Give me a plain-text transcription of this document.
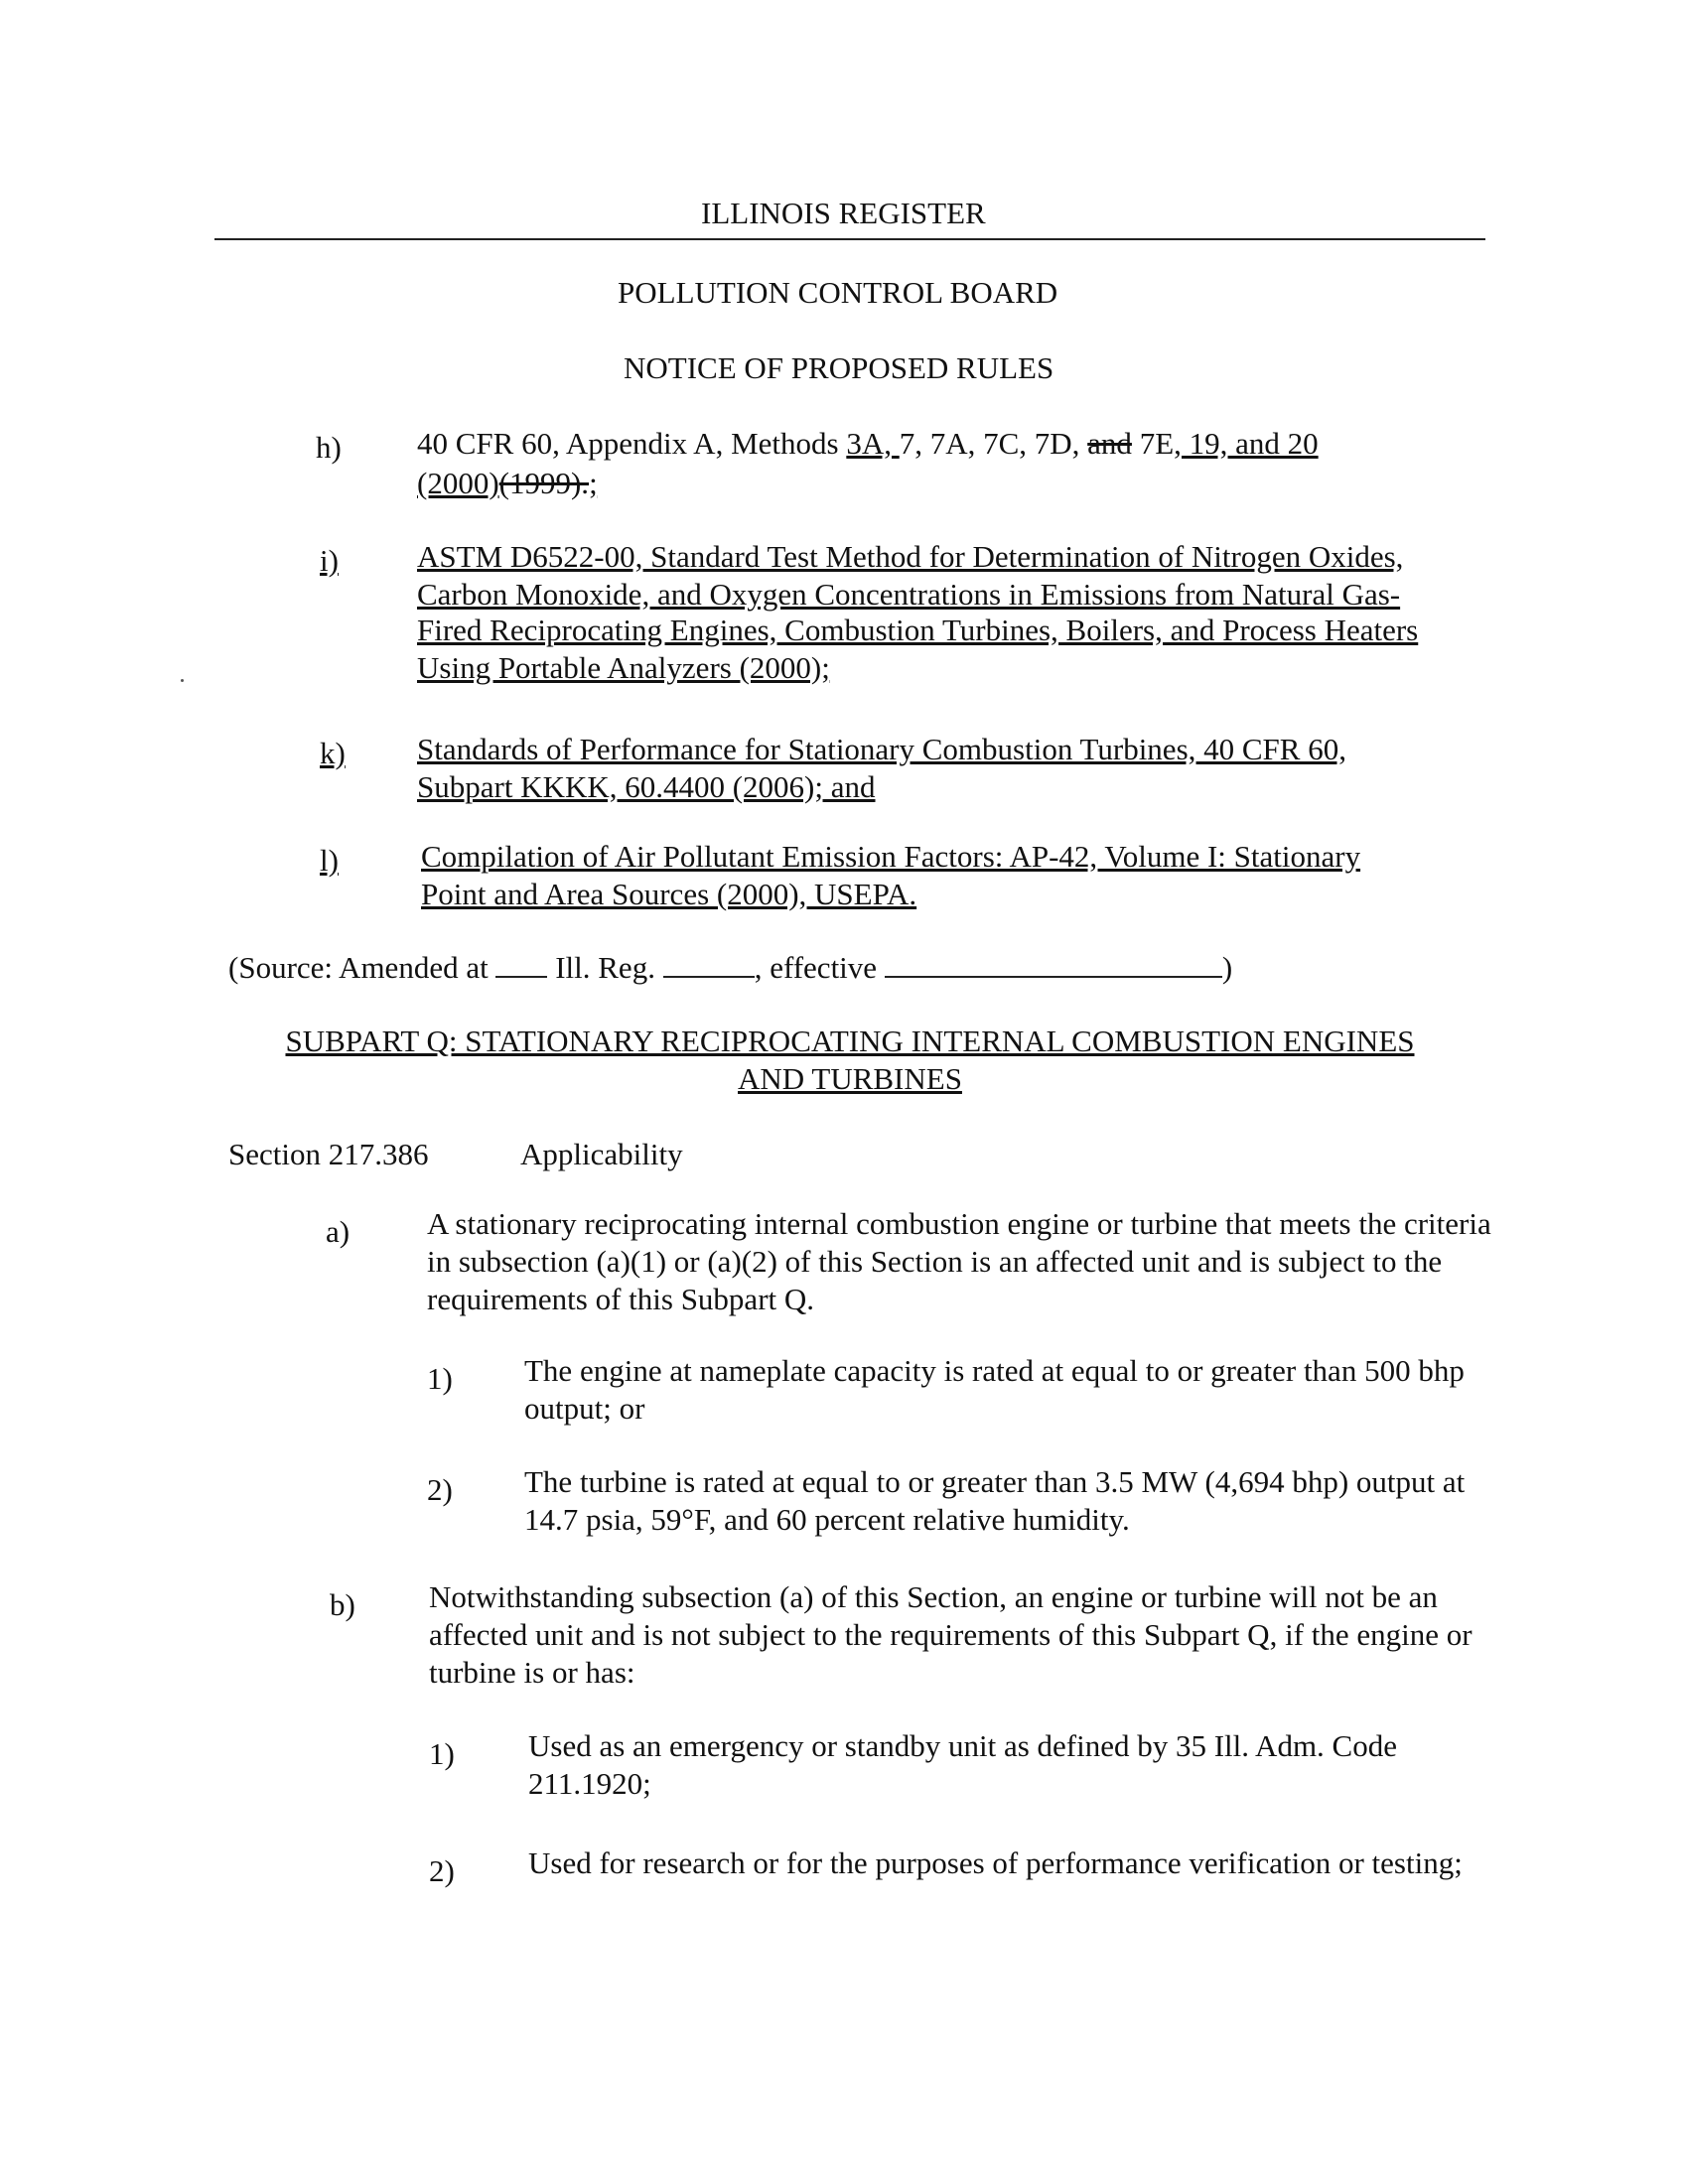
ILLINOIS REGISTER
POLLUTION CONTROL BOARD
NOTICE OF PROPOSED RULES
h) 40 CFR 60, Appendix A, Methods 3A, 7, 7A, 7C, 7D, and 7E, 19, and 20
(2000)(1999).;
i)	ASTM D6522-00, Standard Test Method for Determination of Nitrogen Oxides,
Carbon Monoxide, and Oxygen Concentrations in Emissions from Natural Gas-
Fired Reciprocating Engines, Combustion Turbines, Boilers, and Process Heaters
Using Portable Analyzers (2000);
k)	Standards of Performance for Stationary Combustion Turbines, 40 CFR 60,
Subpart KKKK, 60.4400 (2006); and
l)	Compilation of Air Pollutant Emission Factors: AP-42, Volume I: Stationary
Point and Area Sources (2000), USEPA.
(Source: Amended at  Ill. Reg.	, effective	)
SUBPART Q: STATIONARY RECIPROCATING INTERNAL COMBUSTION ENGINES
AND TURBINES
Section 217.386	Applicability
a)	A stationary reciprocating internal combustion engine or turbine that meets the criteria in subsection (a)(1) or (a)(2) of this Section is an affected unit and is subject to the requirements of this Subpart Q.
1) The engine at nameplate capacity is rated at equal to or greater than 500 bhp output; or
2) The turbine is rated at equal to or greater than 3.5 MW (4,694 bhp) output at 14.7 psia, 59°F, and 60 percent relative humidity.
b) Notwithstanding subsection (a) of this Section, an engine or turbine will not be an affected unit and is not subject to the requirements of this Subpart Q, if the engine or turbine is or has:
1) Used as an emergency or standby unit as defined by 35 Ill. Adm. Code 211.1920;
2) Used for research or for the purposes of performance verification or testing;
